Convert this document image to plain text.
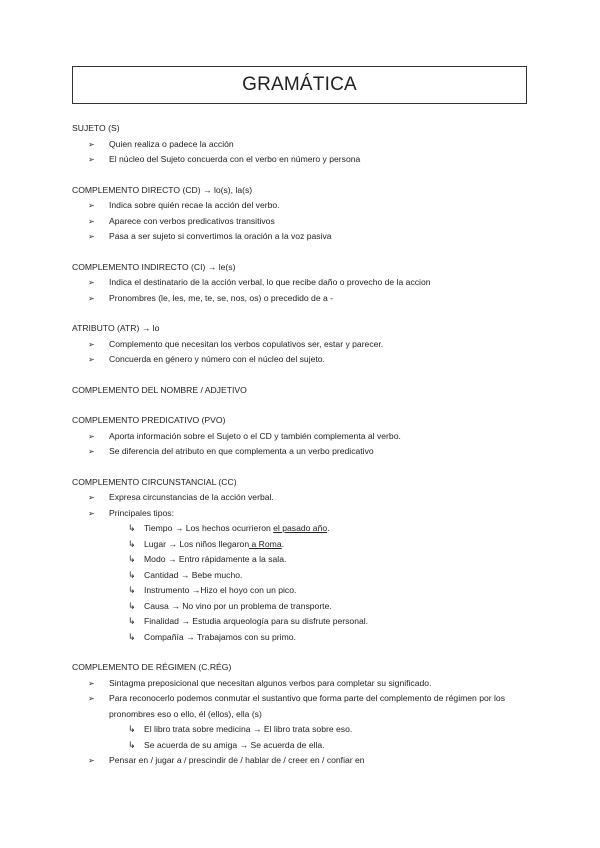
GRAMÁTICA
SUJETO (S)
➢ Quien realiza o padece la acción
➢ El núcleo del Sujeto concuerda con el verbo en número y persona
COMPLEMENTO DIRECTO (CD) → lo(s), la(s)
➢ Indica sobre quién recae la acción del verbo.
➢ Aparece con verbos predicativos transitivos
➢ Pasa a ser sujeto si convertimos la oración a la voz pasiva
COMPLEMENTO INDIRECTO (CI) → le(s)
➢ Indica el destinatario de la acción verbal, lo que recibe daño o provecho de la accion
➢ Pronombres (le, les, me, te, se, nos, os) o precedido de a -
ATRIBUTO (ATR) → lo
➢ Complemento que necesitan los verbos copulativos ser, estar y parecer.
➢ Concuerda en género y número con el núcleo del sujeto.
COMPLEMENTO DEL NOMBRE / ADJETIVO
COMPLEMENTO PREDICATIVO (PVO)
➢ Aporta información sobre el Sujeto o el CD y también complementa al verbo.
➢ Se diferencia del atributo en que complementa a un verbo predicativo
COMPLEMENTO CIRCUNSTANCIAL (CC)
➢ Expresa circunstancias de la acción verbal.
➢ Principales tipos:
↳ Tiempo → Los hechos ocurrieron el pasado año.
↳ Lugar → Los niños llegaron a Roma.
↳ Modo → Entro rápidamente a la sala.
↳ Cantidad → Bebe mucho.
↳ Instrumento →Hizo el hoyo con un pico.
↳ Causa → No vino por un problema de transporte.
↳ Finalidad → Estudia arqueología para su disfrute personal.
↳ Compañía → Trabajamos con su primo.
COMPLEMENTO DE RÉGIMEN (C.RÉG)
➢ Sintagma preposicional que necesitan algunos verbos para completar su significado.
➢ Para reconocerlo podemos conmutar el sustantivo que forma parte del complemento de régimen por los pronombres eso o ello, él (ellos), ella (s)
↳ El libro trata sobre medicina → El libro trata sobre eso.
↳ Se acuerda de su amiga → Se acuerda de ella.
➢ Pensar en / jugar a / prescindir de / hablar de / creer en / confiar en
